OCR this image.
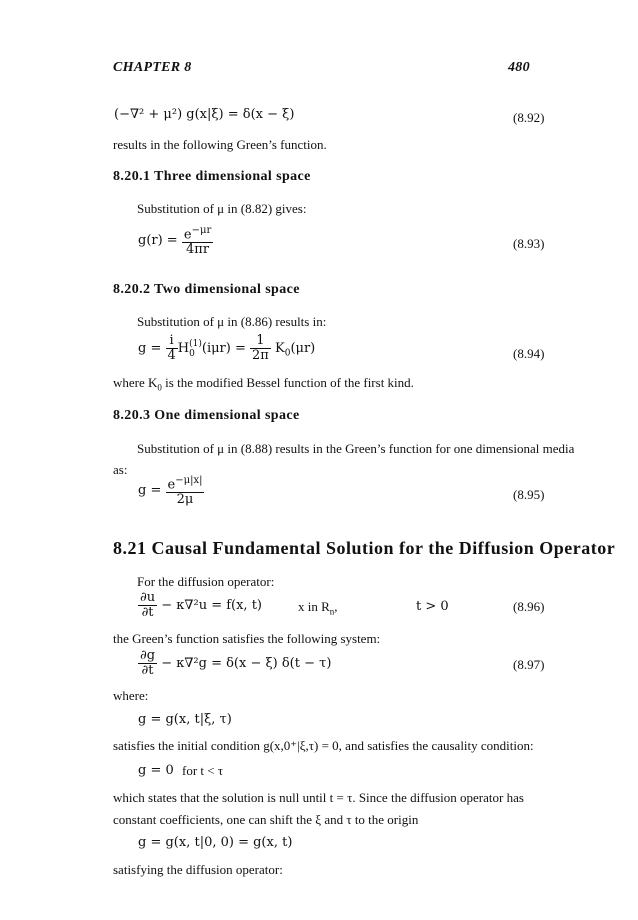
CHAPTER 8	480
(−∇² + μ²) g(x|ξ) = δ(x − ξ)	(8.92)
results in the following Green’s function.
8.20.1 Three dimensional space
Substitution of μ in (8.82) gives:
$g(r) = \frac{e^{-\mu r}}{4\pi r}$	(8.93)
8.20.2 Two dimensional space
Substitution of μ in (8.86) results in:
$g = \frac{i}{4}$ H (1)
0 $(i\mu r) = \frac{1}{2\pi} K_0(\mu r)$	(8.94)
where $K_0$ is the modified Bessel function of the first kind.
8.20.3 One dimensional space
Substitution of μ in (8.88) results in the Green’s function for one dimensional media
as:
$g = \frac{e^{-\mu|x|}}{2\mu}$	(8.95)
8.21 Causal Fundamental Solution for the Diffusion Operator
For the diffusion operator:
$\frac{\partial u}{\partial t} - \kappa\nabla^2u = f(x$, t)	x in $R_n$,	t > 0	(8.96)
the Green’s function satisfies the following system:
$\frac{\partial g}{\partial t} - \kappa\nabla^2g = \delta(x - \xi) \delta(t - \tau)$	(8.97)
where:
g = g(x, t|ξ, τ)
satisfies the initial condition g(x,0⁺|ξ,τ) = 0, and satisfies the causality condition:
g = 0 for t < τ
which states that the solution is null until t = τ. Since the diffusion operator has
constant coefficients, one can shift the ξ and τ to the origin
g = g(x, t|0, 0) = g(x, t)
satisfying the diffusion operator:
